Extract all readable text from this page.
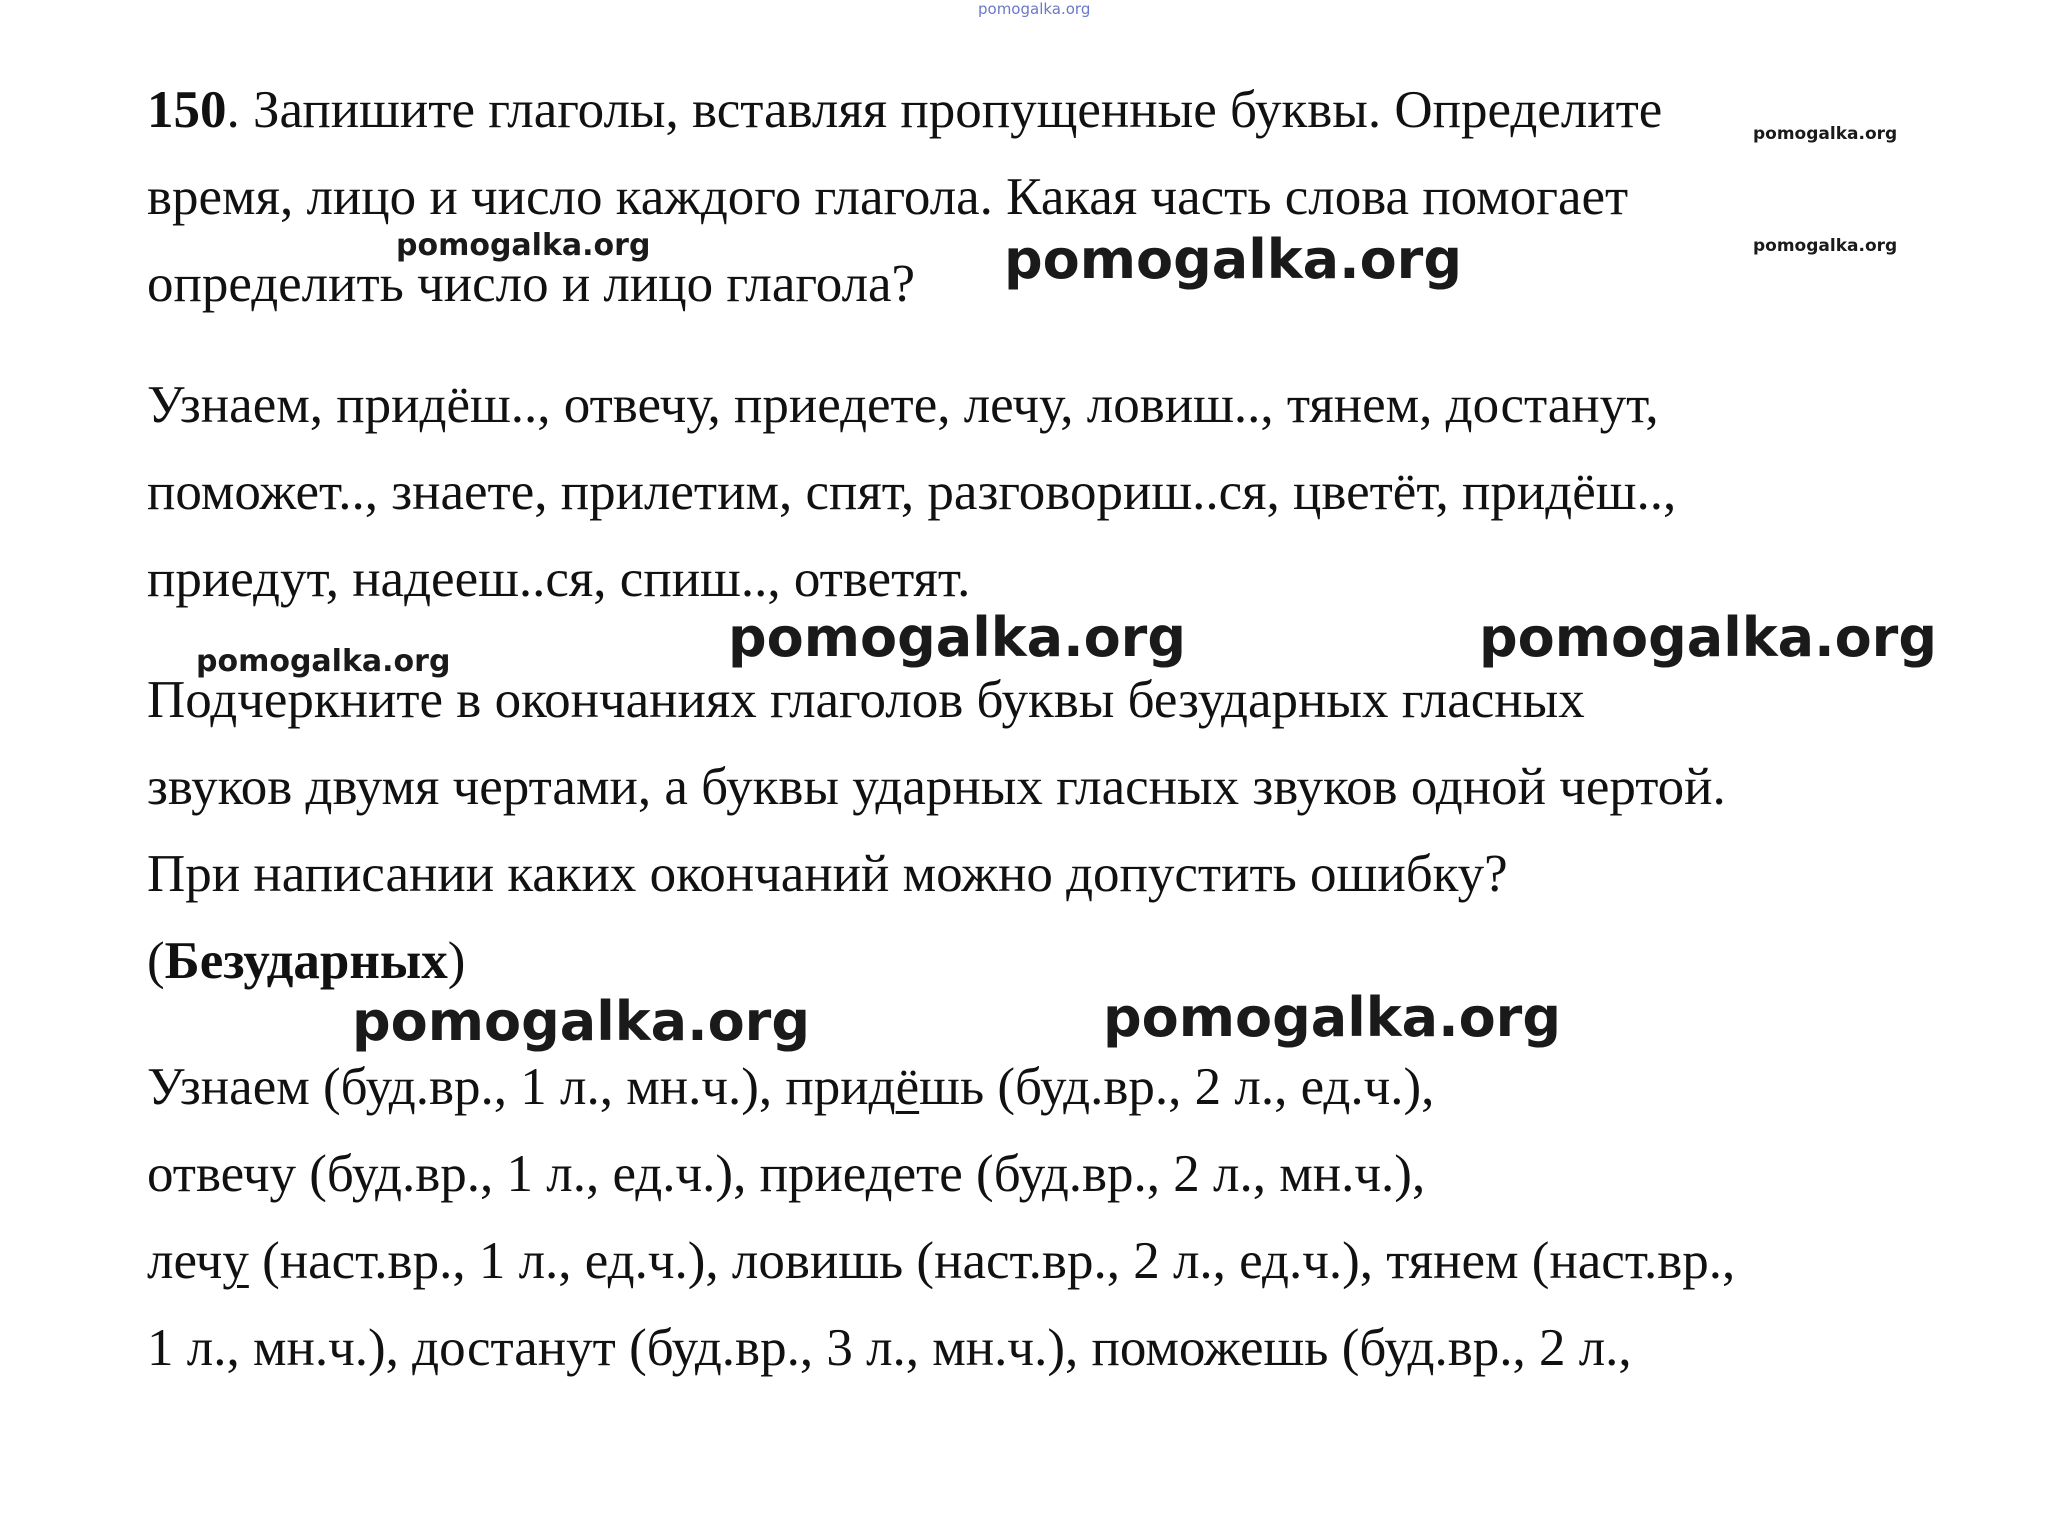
pomogalka.org
150. Запишите глаголы, вставляя пропущенные буквы. Определите
время, лицо и число каждого глагола. Какая часть слова помогает
определить число и лицо глагола?
Узнаем, придёш.., отвечу, приедете, лечу, ловиш.., тянем, достанут,
поможет.., знаете, прилетим, спят, разговориш..ся, цветёт, придёш..,
приедут, надееш..ся, спиш.., ответят.
Подчеркните в окончаниях глаголов буквы безударных гласных
звуков двумя чертами, а буквы ударных гласных звуков одной чертой.
При написании каких окончаний можно допустить ошибку?
(Безударных)
Узнаем (буд.вр., 1 л., мн.ч.), придёшь (буд.вр., 2 л., ед.ч.),
отвечу (буд.вр., 1 л., ед.ч.), приедете (буд.вр., 2 л., мн.ч.),
лечу (наст.вр., 1 л., ед.ч.), ловишь (наст.вр., 2 л., ед.ч.), тянем (наст.вр.,
1 л., мн.ч.), достанут (буд.вр., 3 л., мн.ч.), поможешь (буд.вр., 2 л.,
pomogalka.org
pomogalka.org	pomogalka.org	pomogalka.org
pomogalka.org	pomogalka.org	pomogalka.org
pomogalka.org	pomogalka.org
